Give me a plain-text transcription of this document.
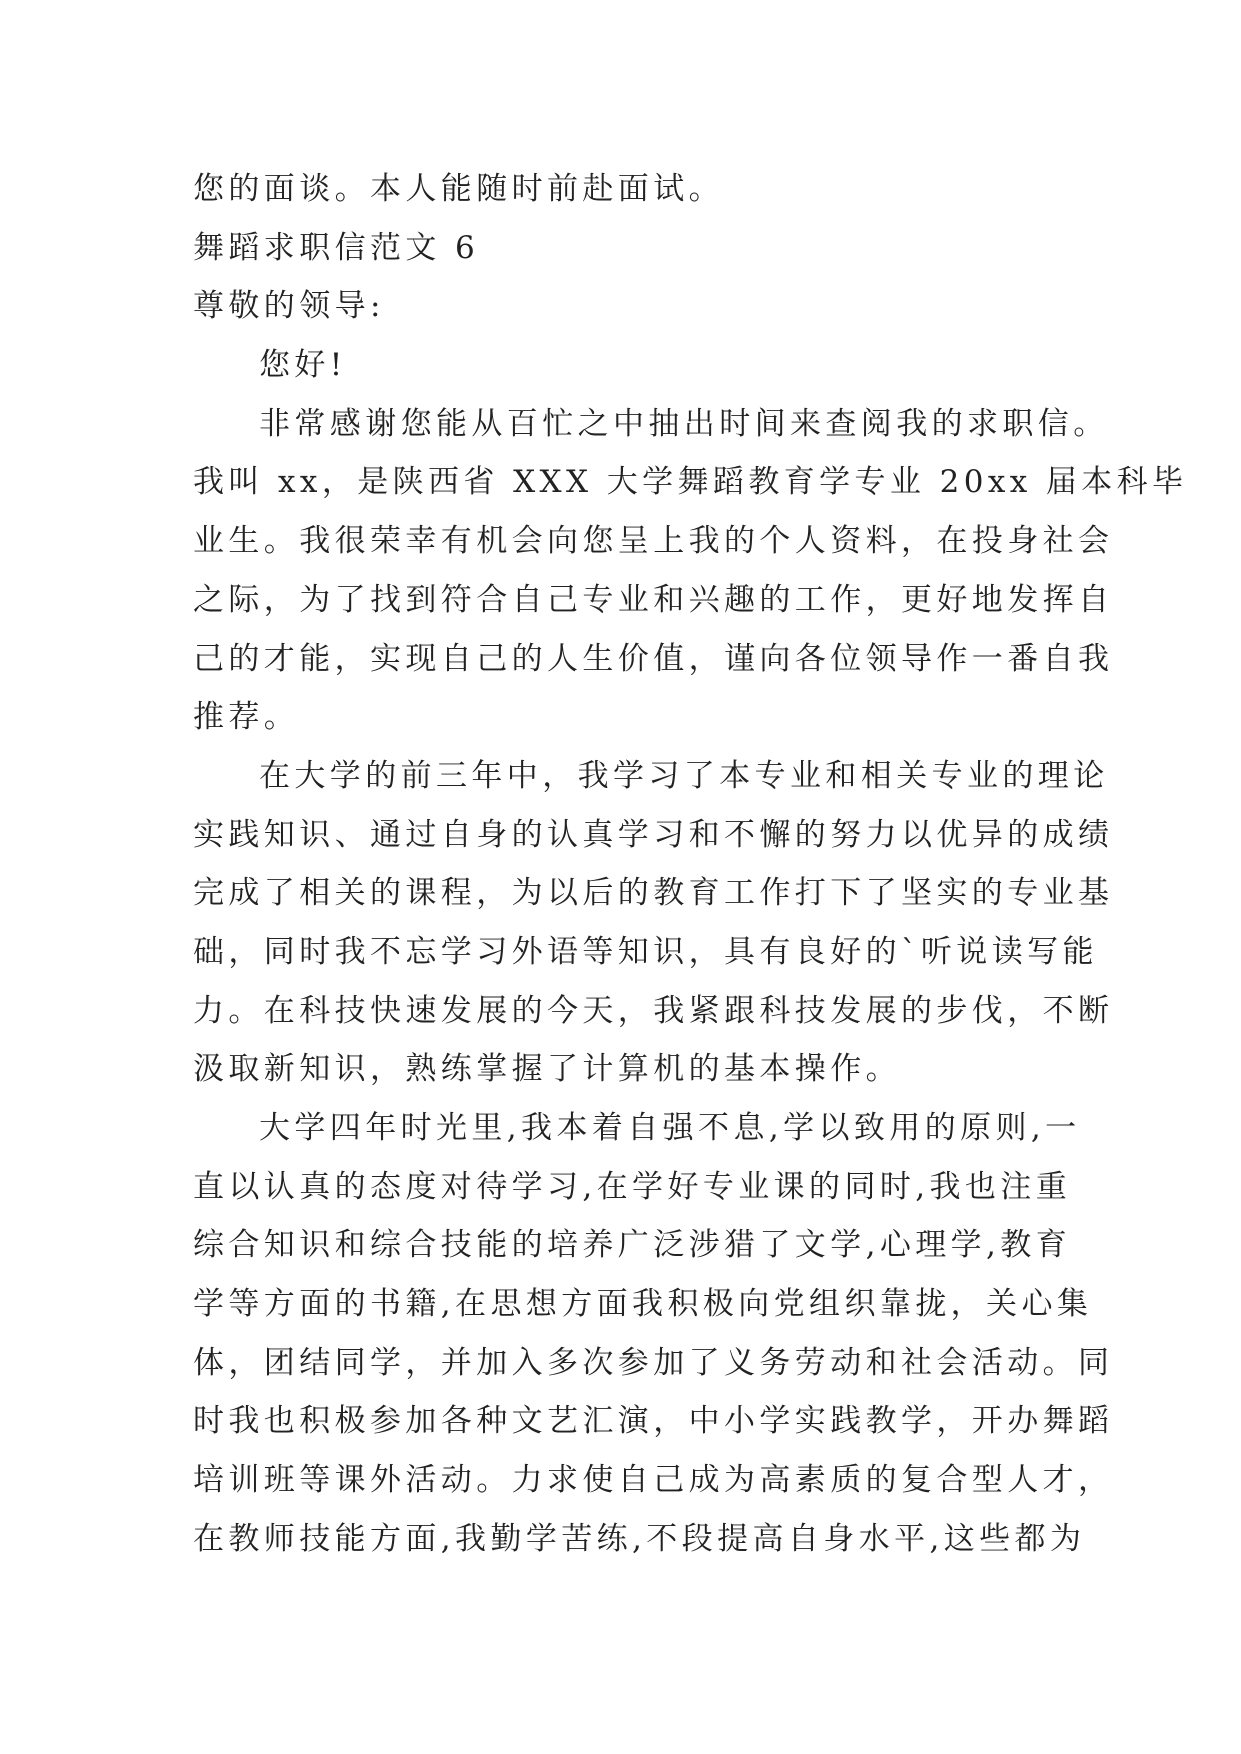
您的面谈。本人能随时前赴面试。
舞蹈求职信范文 6
尊敬的领导:
您好!
非常感谢您能从百忙之中抽出时间来查阅我的求职信。
我叫 xx，是陕西省 XXX 大学舞蹈教育学专业 20xx 届本科毕
业生。我很荣幸有机会向您呈上我的个人资料，在投身社会
之际，为了找到符合自己专业和兴趣的工作，更好地发挥自
己的才能，实现自己的人生价值，谨向各位领导作一番自我
推荐。
在大学的前三年中，我学习了本专业和相关专业的理论
实践知识、通过自身的认真学习和不懈的努力以优异的成绩
完成了相关的课程，为以后的教育工作打下了坚实的专业基
础，同时我不忘学习外语等知识，具有良好的`听说读写能
力。在科技快速发展的今天，我紧跟科技发展的步伐，不断
汲取新知识，熟练掌握了计算机的基本操作。
大学四年时光里,我本着自强不息,学以致用的原则,一
直以认真的态度对待学习,在学好专业课的同时,我也注重
综合知识和综合技能的培养广泛涉猎了文学,心理学,教育
学等方面的书籍,在思想方面我积极向党组织靠拢，关心集
体，团结同学，并加入多次参加了义务劳动和社会活动。同
时我也积极参加各种文艺汇演，中小学实践教学，开办舞蹈
培训班等课外活动。力求使自己成为高素质的复合型人才，
在教师技能方面,我勤学苦练,不段提高自身水平,这些都为
